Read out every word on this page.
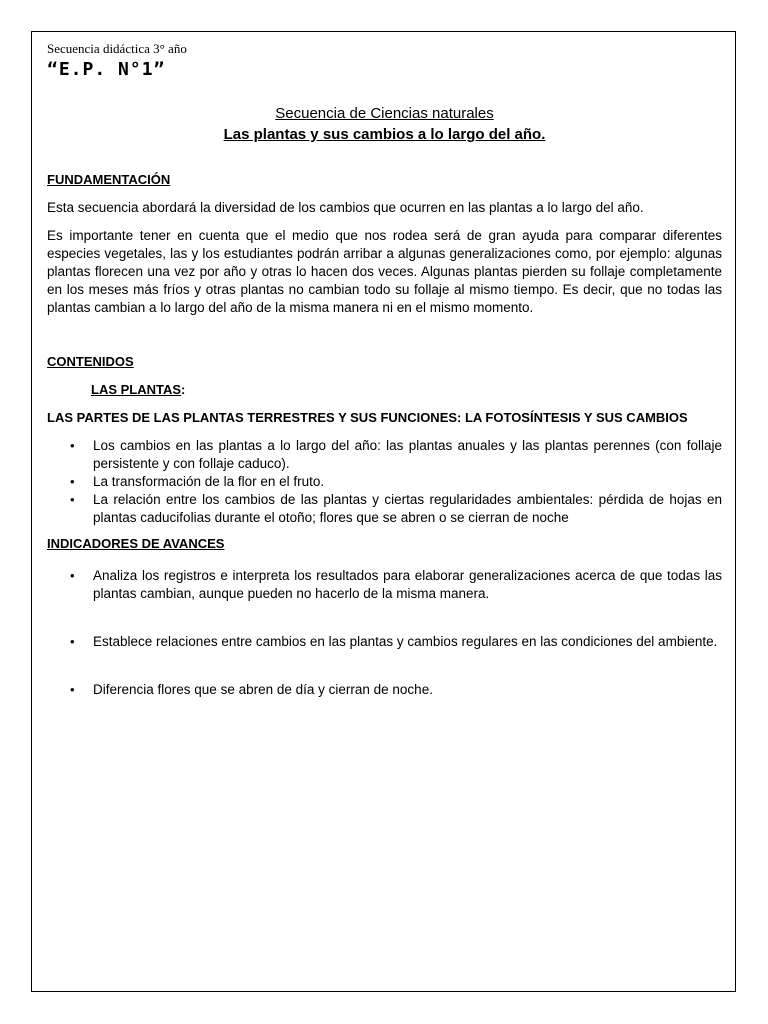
Secuencia didáctica 3° año
“E.P. N°1”
Secuencia de Ciencias naturales
Las plantas y sus cambios a lo largo del año.
FUNDAMENTACIÓN

Esta secuencia abordará la diversidad de los cambios que ocurren en las plantas a lo largo del año.

Es importante tener en cuenta que el medio que nos rodea será de gran ayuda para comparar diferentes especies vegetales, las y los estudiantes podrán arribar a algunas generalizaciones como, por ejemplo: algunas plantas florecen una vez por año y otras lo hacen dos veces. Algunas plantas pierden su follaje completamente en los meses más fríos y otras plantas no cambian todo su follaje al mismo tiempo. Es decir, que no todas las plantas cambian a lo largo del año de la misma manera ni en el mismo momento.

CONTENIDOS
LAS PLANTAS:
LAS PARTES DE LAS PLANTAS TERRESTRES Y SUS FUNCIONES: LA FOTOSÍNTESIS Y SUS CAMBIOS
• Los cambios en las plantas a lo largo del año: las plantas anuales y las plantas perennes (con follaje persistente y con follaje caduco).
• La transformación de la flor en el fruto.
• La relación entre los cambios de las plantas y ciertas regularidades ambientales: pérdida de hojas en plantas caducifolias durante el otoño; flores que se abren o se cierran de noche
INDICADORES DE AVANCES
• Analiza los registros e interpreta los resultados para elaborar generalizaciones acerca de que todas las plantas cambian, aunque pueden no hacerlo de la misma manera.
• Establece relaciones entre cambios en las plantas y cambios regulares en las condiciones del ambiente.
• Diferencia flores que se abren de día y cierran de noche.
